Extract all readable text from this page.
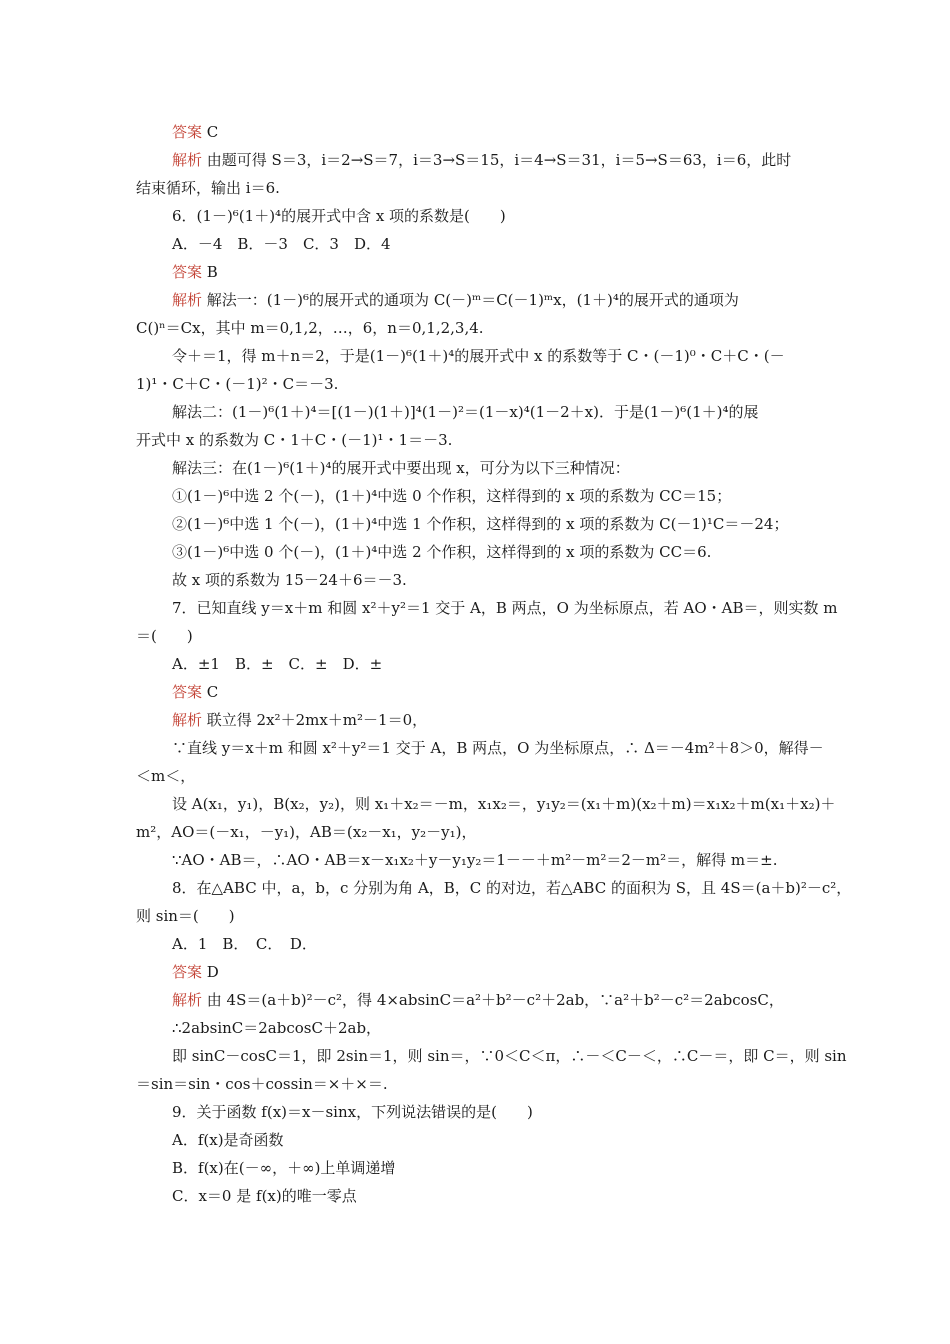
答案 C
解析 由题可得 S＝3，i＝2→S＝7，i＝3→S＝15，i＝4→S＝31，i＝5→S＝63，i＝6，此时
结束循环，输出 i＝6.
6．(1－)⁶(1＋)⁴的展开式中含 x 项的系数是(　　)
A．－4　B．－3　C．3　D．4
答案 B
解析 解法一：(1－)⁶的展开式的通项为 C(－)ᵐ＝C(－1)ᵐx，(1＋)⁴的展开式的通项为
C()ⁿ＝Cx，其中 m＝0,1,2，…，6，n＝0,1,2,3,4.
令＋＝1，得 m＋n＝2，于是(1－)⁶(1＋)⁴的展开式中 x 的系数等于 C・(－1)⁰・C＋C・(－
1)¹・C＋C・(－1)²・C＝－3.
解法二：(1－)⁶(1＋)⁴＝[(1－)(1＋)]⁴(1－)²＝(1－x)⁴(1－2＋x)．于是(1－)⁶(1＋)⁴的展
开式中 x 的系数为 C・1＋C・(－1)¹・1＝－3.
解法三：在(1－)⁶(1＋)⁴的展开式中要出现 x，可分为以下三种情况：
①(1－)⁶中选 2 个(－)，(1＋)⁴中选 0 个作积，这样得到的 x 项的系数为 CC＝15；
②(1－)⁶中选 1 个(－)，(1＋)⁴中选 1 个作积，这样得到的 x 项的系数为 C(－1)¹C＝－24；
③(1－)⁶中选 0 个(－)，(1＋)⁴中选 2 个作积，这样得到的 x 项的系数为 CC＝6.
故 x 项的系数为 15－24＋6＝－3.
7．已知直线 y＝x＋m 和圆 x²＋y²＝1 交于 A，B 两点，O 为坐标原点，若 AO・AB＝，则实数 m
＝(　　)
A．±1　B．±　C．±　D．±
答案 C
解析 联立得 2x²＋2mx＋m²－1＝0，
∵直线 y＝x＋m 和圆 x²＋y²＝1 交于 A，B 两点，O 为坐标原点，∴ Δ＝－4m²＋8＞0，解得－
＜m＜，
设 A(x₁，y₁)，B(x₂，y₂)，则 x₁＋x₂＝－m，x₁x₂＝，y₁y₂＝(x₁＋m)(x₂＋m)＝x₁x₂＋m(x₁＋x₂)＋
m²，AO＝(－x₁，－y₁)，AB＝(x₂－x₁，y₂－y₁)，
∵AO・AB＝，∴AO・AB＝x－x₁x₂＋y－y₁y₂＝1－－＋m²－m²＝2－m²＝，解得 m＝±.
8．在△ABC 中，a，b，c 分别为角 A，B，C 的对边，若△ABC 的面积为 S，且 4S＝(a＋b)²－c²，
则 sin＝(　　)
A．1　B．　C．　D．
答案 D
解析 由 4S＝(a＋b)²－c²，得 4×absinC＝a²＋b²－c²＋2ab，∵a²＋b²－c²＝2abcosC，
∴2absinC＝2abcosC＋2ab，
即 sinC－cosC＝1，即 2sin＝1，则 sin＝，∵0＜C＜π，∴－＜C－＜，∴C－＝，即 C＝，则 sin
＝sin＝sin・cos＋cossin＝×＋×＝.
9．关于函数 f(x)＝x－sinx，下列说法错误的是(　　)
A．f(x)是奇函数
B．f(x)在(－∞，＋∞)上单调递增
C．x＝0 是 f(x)的唯一零点
